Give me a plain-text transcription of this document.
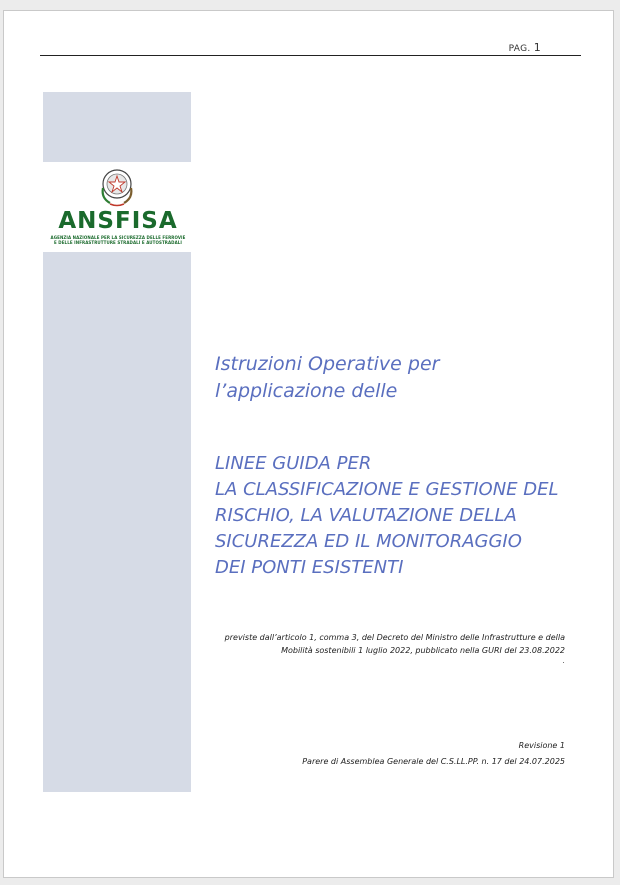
PAG. 1
ANSFISA
AGENZIA NAZIONALE PER LA SICUREZZA DELLE FERROVIE
E DELLE INFRASTRUTTURE STRADALI E AUTOSTRADALI
Istruzioni Operative per
l’applicazione delle
LINEE GUIDA PER
LA CLASSIFICAZIONE E GESTIONE DEL
RISCHIO, LA VALUTAZIONE DELLA
SICUREZZA ED IL MONITORAGGIO
DEI PONTI ESISTENTI
previste dall’articolo 1, comma 3, del Decreto del Ministro delle Infrastrutture e della
Mobilità sostenibili 1 luglio 2022, pubblicato nella GURI del 23.08.2022
.
Revisione 1
Parere di Assemblea Generale del C.S.LL.PP. n. 17 del 24.07.2025
